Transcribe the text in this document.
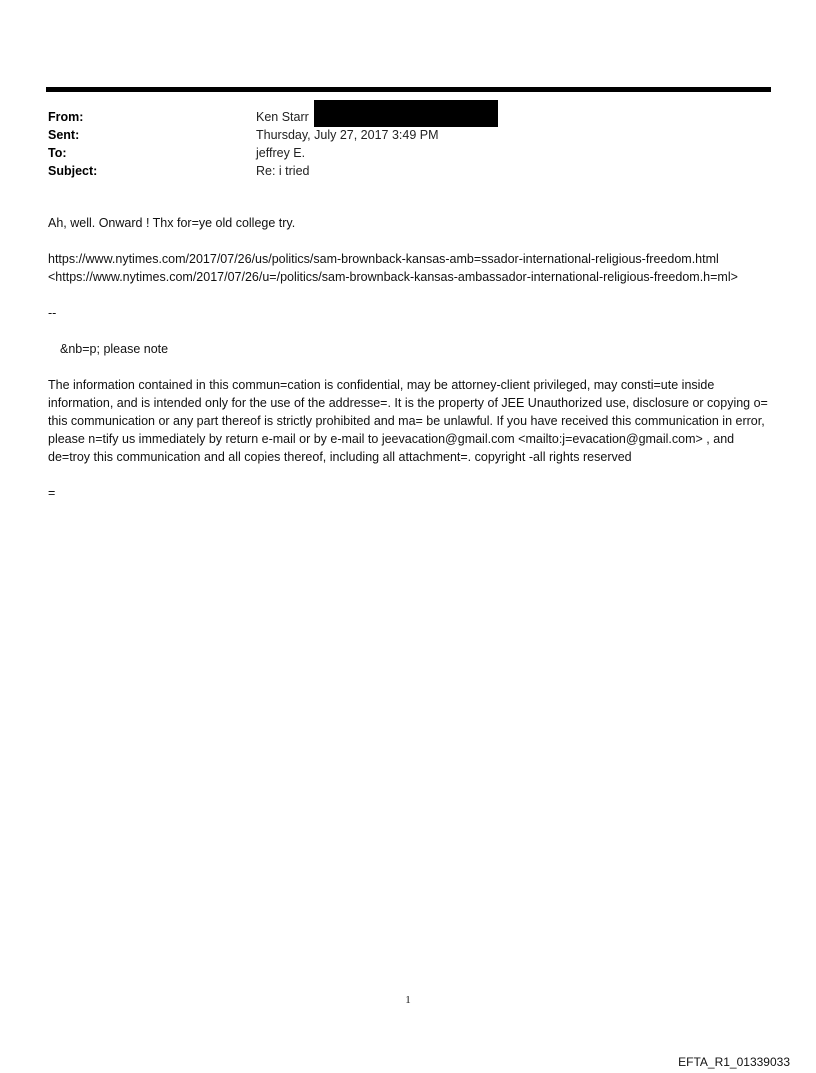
From:	Ken Starr
Sent:	Thursday, July 27, 2017 3:49 PM
To:	jeffrey E.
Subject:	Re: i tried

Ah, well. Onward ! Thx for=ye old college try.

https://www.nytimes.com/2017/07/26/us/politics/sam-brownback-kansas-amb=ssador-international-religious-freedom.html <https://www.nytimes.com/2017/07/26/u=/politics/sam-brownback-kansas-ambassador-international-religious-freedom.h=ml>

--

&nb=p; please note

The information contained in this commun=cation is confidential, may be attorney-client privileged, may consti=ute inside information, and is intended only for the use of the addresse=. It is the property of JEE Unauthorized use, disclosure or copying o= this communication or any part thereof is strictly prohibited and ma= be unlawful. If you have received this communication in error, please n=tify us immediately by return e-mail or by e-mail to jeevacation@gmail.com <mailto:j=evacation@gmail.com> , and de=troy this communication and all copies thereof, including all attachment=. copyright -all rights reserved

=

1
EFTA_R1_01339033
